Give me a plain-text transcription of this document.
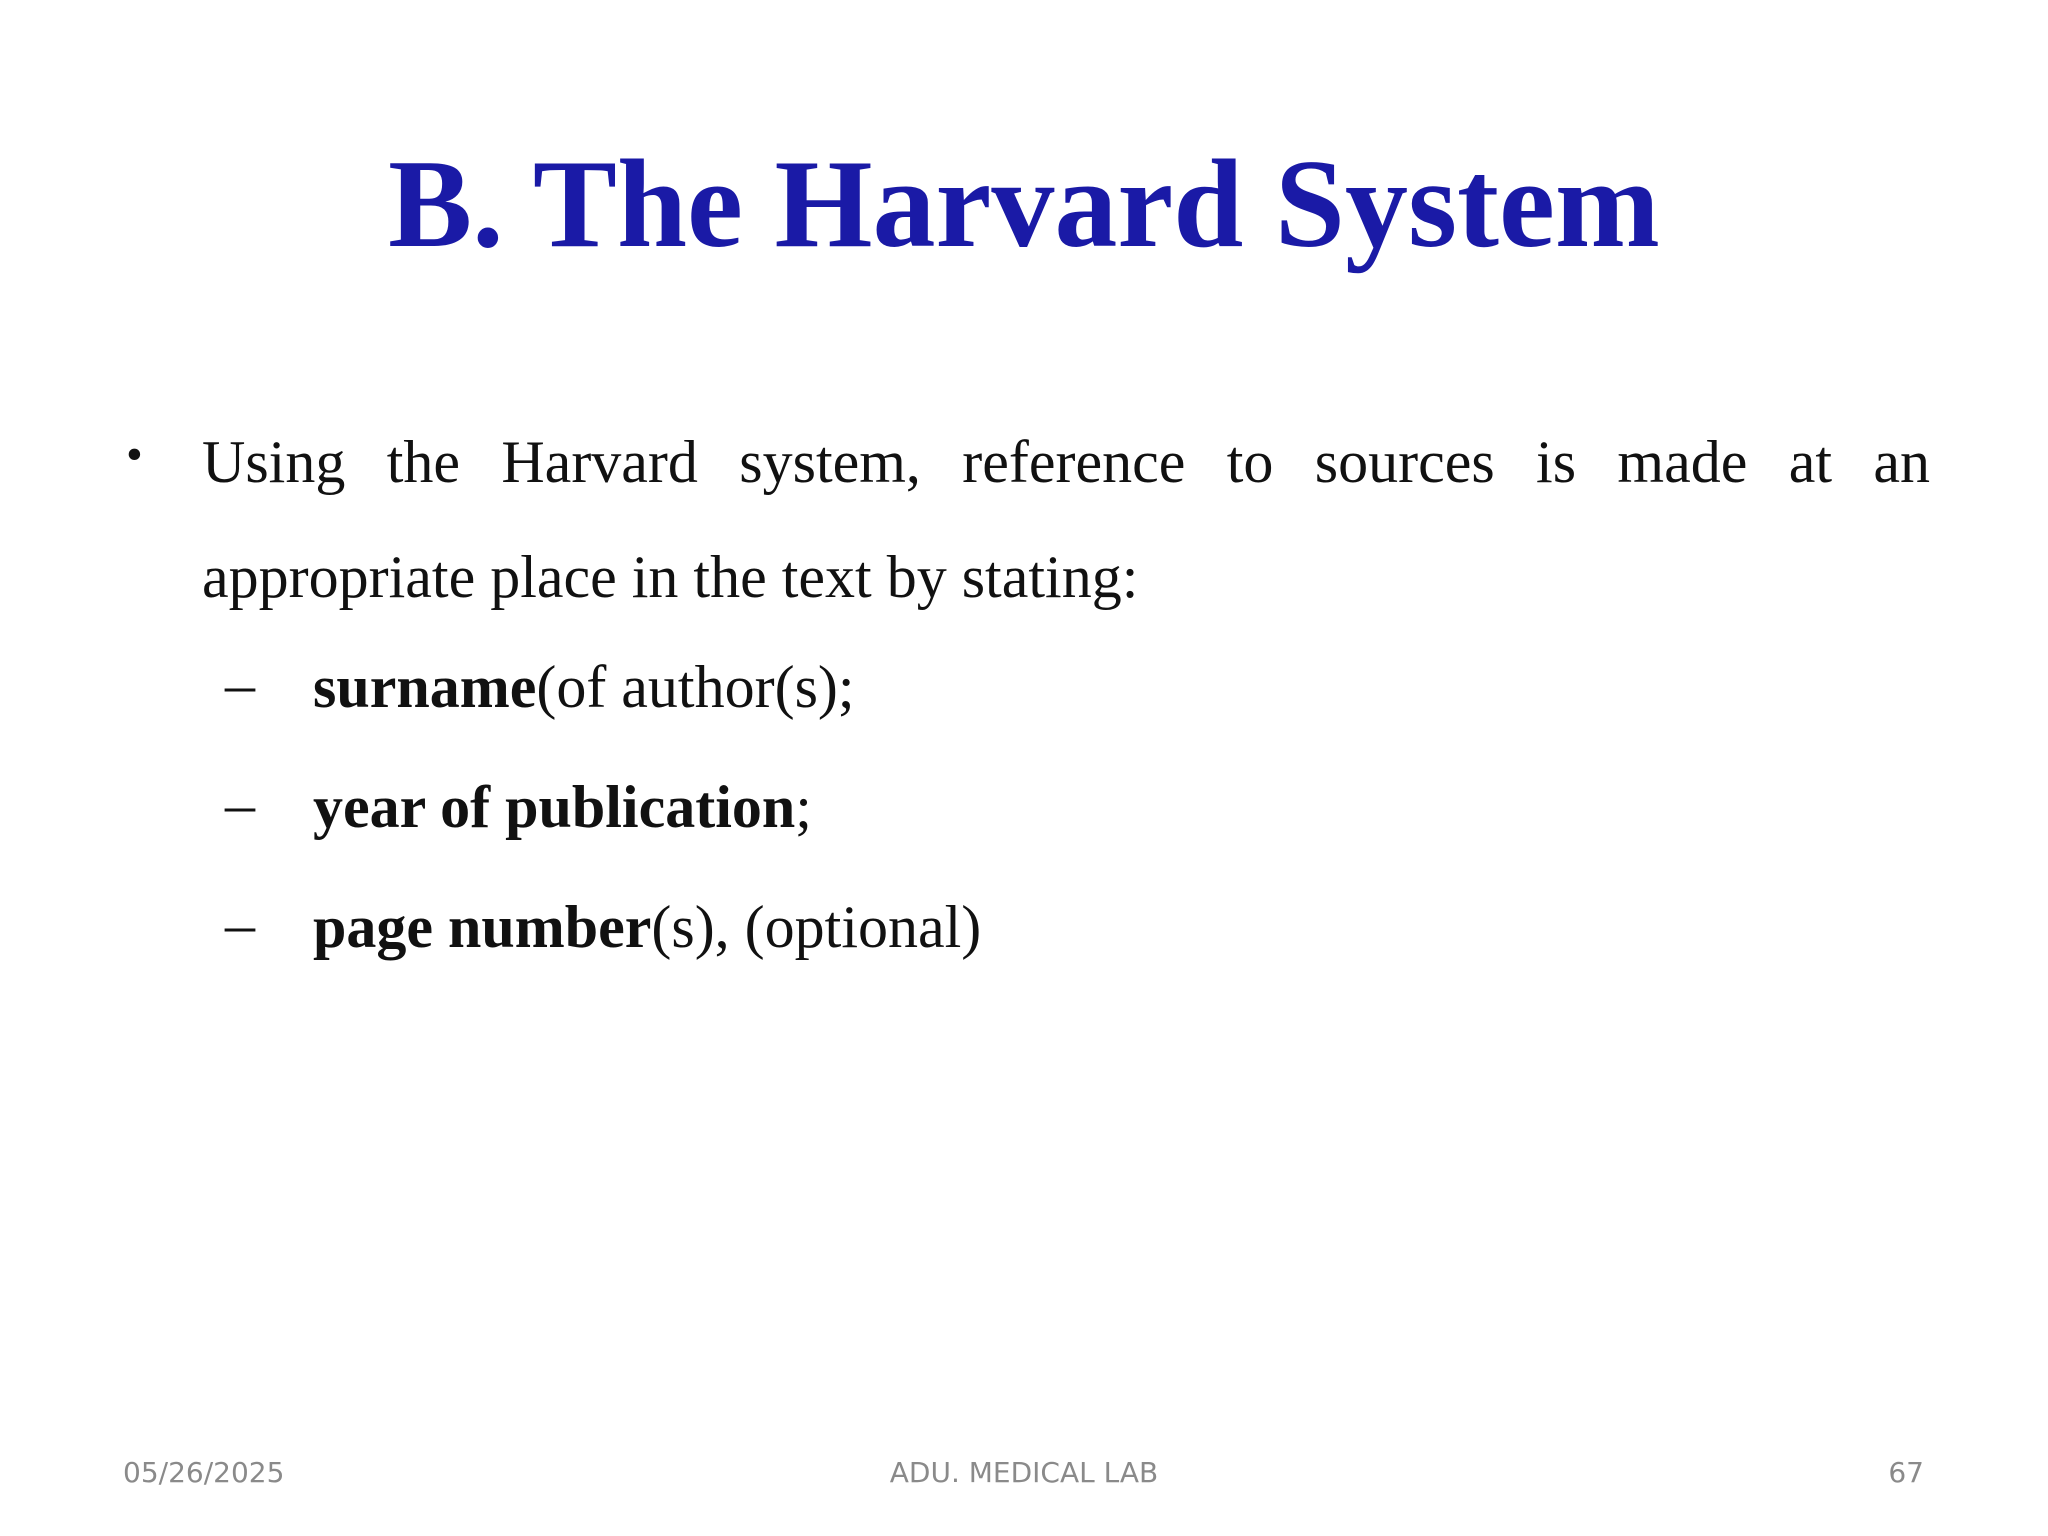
B. The Harvard System
• Using the Harvard system, reference to sources is made at an appropriate place in the text by stating:
– surname(of author(s);
– year of publication;
– page number(s), (optional)
05/26/2025	ADU. MEDICAL LAB	67
